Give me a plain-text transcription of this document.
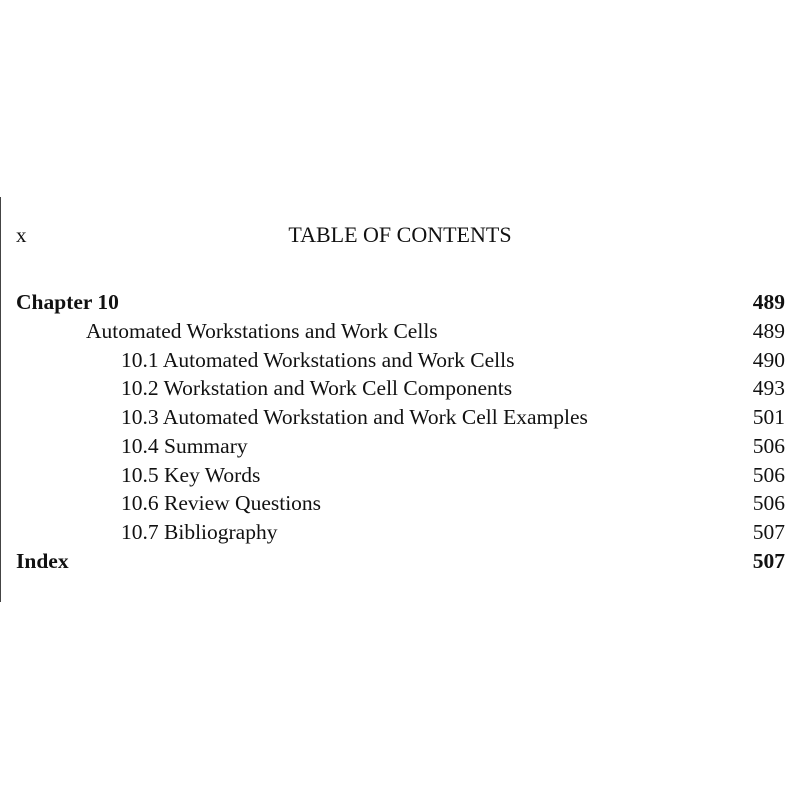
x	TABLE OF CONTENTS
Chapter 10	489
Automated Workstations and Work Cells	489
10.1 Automated Workstations and Work Cells	490
10.2 Workstation and Work Cell Components	493
10.3 Automated Workstation and Work Cell Examples	501
10.4 Summary	506
10.5 Key Words	506
10.6 Review Questions	506
10.7 Bibliography	507
Index	507
